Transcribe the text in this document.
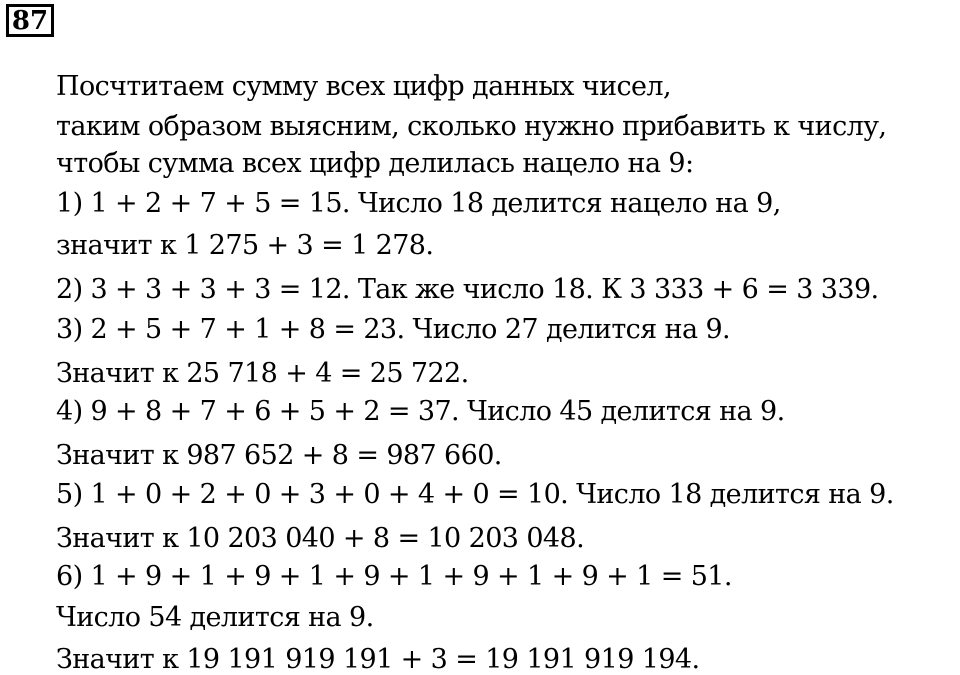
87
Посчтитаем сумму всех цифр данных чисел,
таким образом выясним, сколько нужно прибавить к числу,
чтобы сумма всех цифр делилась нацело на 9:
1) 1 + 2 + 7 + 5 = 15. Число 18 делится нацело на 9,
значит к 1 275 + 3 = 1 278.
2) 3 + 3 + 3 + 3 = 12. Так же число 18. К 3 333 + 6 = 3 339.
3) 2 + 5 + 7 + 1 + 8 = 23. Число 27 делится на 9.
Значит к 25 718 + 4 = 25 722.
4) 9 + 8 + 7 + 6 + 5 + 2 = 37. Число 45 делится на 9.
Значит к 987 652 + 8 = 987 660.
5) 1 + 0 + 2 + 0 + 3 + 0 + 4 + 0 = 10. Число 18 делится на 9.
Значит к 10 203 040 + 8 = 10 203 048.
6) 1 + 9 + 1 + 9 + 1 + 9 + 1 + 9 + 1 + 9 + 1 = 51.
Число 54 делится на 9.
Значит к 19 191 919 191 + 3 = 19 191 919 194.
